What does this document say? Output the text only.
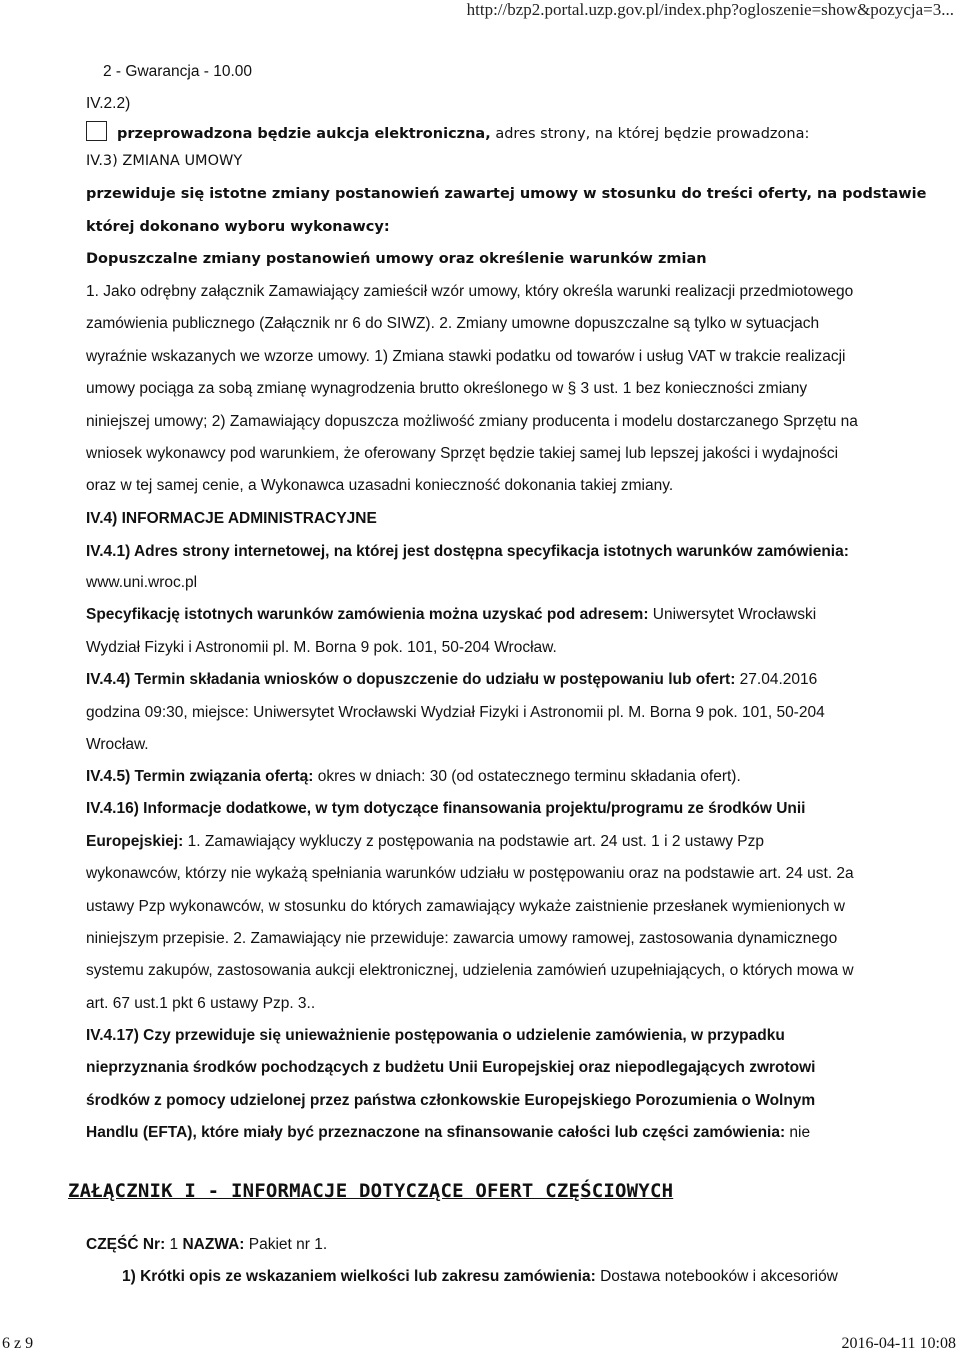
http://bzp2.portal.uzp.gov.pl/index.php?ogloszenie=show&pozycja=3...
2 - Gwarancja - 10.00
IV.2.2)
przeprowadzona będzie aukcja elektroniczna, adres strony, na której będzie prowadzona:
IV.3) ZMIANA UMOWY
przewiduje się istotne zmiany postanowień zawartej umowy w stosunku do treści oferty, na podstawie
której dokonano wyboru wykonawcy:
Dopuszczalne zmiany postanowień umowy oraz określenie warunków zmian
1. Jako odrębny załącznik Zamawiający zamieścił wzór umowy, który określa warunki realizacji przedmiotowego
zamówienia publicznego (Załącznik nr 6 do SIWZ). 2. Zmiany umowne dopuszczalne są tylko w sytuacjach
wyraźnie wskazanych we wzorze umowy. 1) Zmiana stawki podatku od towarów i usług VAT w trakcie realizacji
umowy pociąga za sobą zmianę wynagrodzenia brutto określonego w § 3 ust. 1 bez konieczności zmiany
niniejszej umowy; 2) Zamawiający dopuszcza możliwość zmiany producenta i modelu dostarczanego Sprzętu na
wniosek wykonawcy pod warunkiem, że oferowany Sprzęt będzie takiej samej lub lepszej jakości i wydajności
oraz w tej samej cenie, a Wykonawca uzasadni konieczność dokonania takiej zmiany.
IV.4) INFORMACJE ADMINISTRACYJNE
IV.4.1) Adres strony internetowej, na której jest dostępna specyfikacja istotnych warunków zamówienia:
www.uni.wroc.pl
Specyfikację istotnych warunków zamówienia można uzyskać pod adresem: Uniwersytet Wrocławski
Wydział Fizyki i Astronomii pl. M. Borna 9 pok. 101, 50-204 Wrocław.
IV.4.4) Termin składania wniosków o dopuszczenie do udziału w postępowaniu lub ofert: 27.04.2016
godzina 09:30, miejsce: Uniwersytet Wrocławski Wydział Fizyki i Astronomii pl. M. Borna 9 pok. 101, 50-204
Wrocław.
IV.4.5) Termin związania ofertą: okres w dniach: 30 (od ostatecznego terminu składania ofert).
IV.4.16) Informacje dodatkowe, w tym dotyczące finansowania projektu/programu ze środków Unii
Europejskiej: 1. Zamawiający wykluczy z postępowania na podstawie art. 24 ust. 1 i 2 ustawy Pzp
wykonawców, którzy nie wykażą spełniania warunków udziału w postępowaniu oraz na podstawie art. 24 ust. 2a
ustawy Pzp wykonawców, w stosunku do których zamawiający wykaże zaistnienie przesłanek wymienionych w
niniejszym przepisie. 2. Zamawiający nie przewiduje: zawarcia umowy ramowej, zastosowania dynamicznego
systemu zakupów, zastosowania aukcji elektronicznej, udzielenia zamówień uzupełniających, o których mowa w
art. 67 ust.1 pkt 6 ustawy Pzp. 3..
IV.4.17) Czy przewiduje się unieważnienie postępowania o udzielenie zamówienia, w przypadku
nieprzyznania środków pochodzących z budżetu Unii Europejskiej oraz niepodlegających zwrotowi
środków z pomocy udzielonej przez państwa członkowskie Europejskiego Porozumienia o Wolnym
Handlu (EFTA), które miały być przeznaczone na sfinansowanie całości lub części zamówienia: nie
ZAŁĄCZNIK I - INFORMACJE DOTYCZĄCE OFERT CZĘŚCIOWYCH
CZĘŚĆ Nr: 1 NAZWA: Pakiet nr 1.
1) Krótki opis ze wskazaniem wielkości lub zakresu zamówienia: Dostawa notebooków i akcesoriów
6 z 9	2016-04-11 10:08
